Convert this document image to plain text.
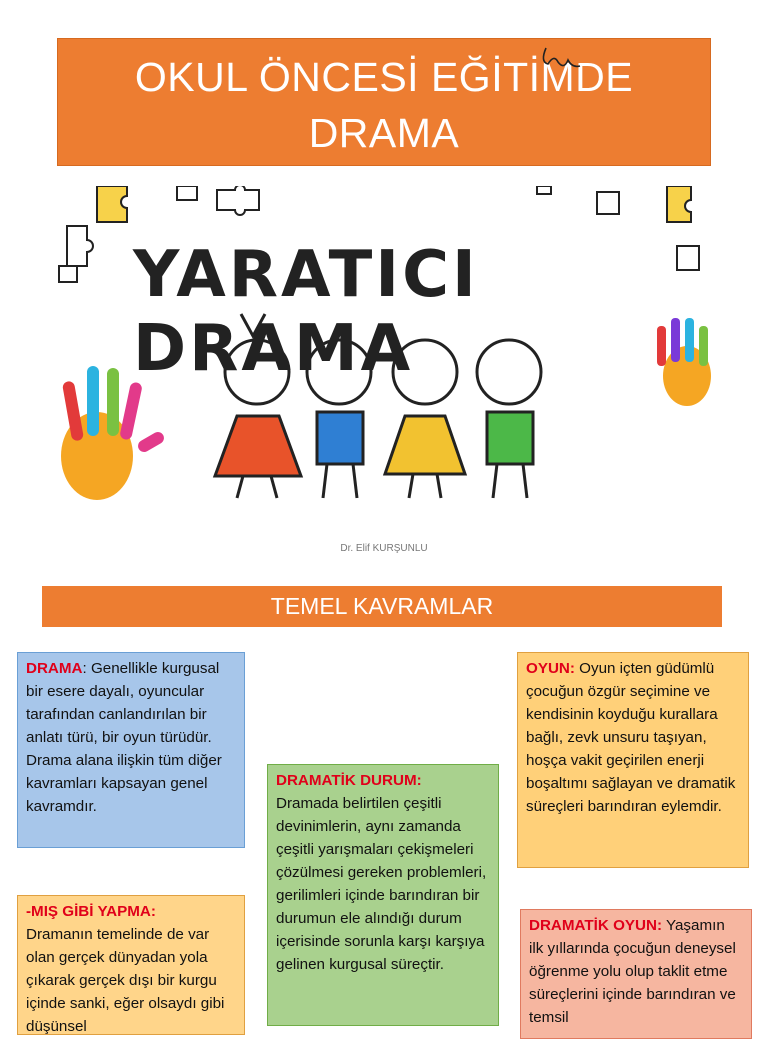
OKUL ÖNCESİ EĞİTİMDE
DRAMA
YARATICI DRAMA
Dr. Elif KURŞUNLU
TEMEL KAVRAMLAR
DRAMA: Genellikle kurgusal bir esere dayalı, oyuncular tarafından canlandırılan bir anlatı türü, bir oyun türüdür. Drama alana ilişkin tüm diğer kavramları kapsayan genel kavramdır.
OYUN: Oyun içten güdümlü çocuğun özgür seçimine ve kendisinin koyduğu kurallara bağlı, zevk unsuru taşıyan, hoşça vakit geçirilen enerji boşaltımı sağlayan ve dramatik süreçleri barındıran eylemdir.
DRAMATİK DURUM:
Dramada belirtilen çeşitli devinimlerin, aynı zamanda çeşitli yarışmaları çekişmeleri çözülmesi gereken problemleri, gerilimleri içinde barındıran bir durumun ele alındığı durum içerisinde sorunla karşı karşıya gelinen kurgusal süreçtir.
-MIŞ GİBİ YAPMA:
Dramanın temelinde de var olan gerçek dünyadan yola çıkarak gerçek dışı bir kurgu içinde sanki, eğer olsaydı gibi düşünsel
DRAMATİK OYUN: Yaşamın ilk yıllarında çocuğun deneysel öğrenme yolu olup taklit etme süreçlerini içinde barındıran ve temsil
